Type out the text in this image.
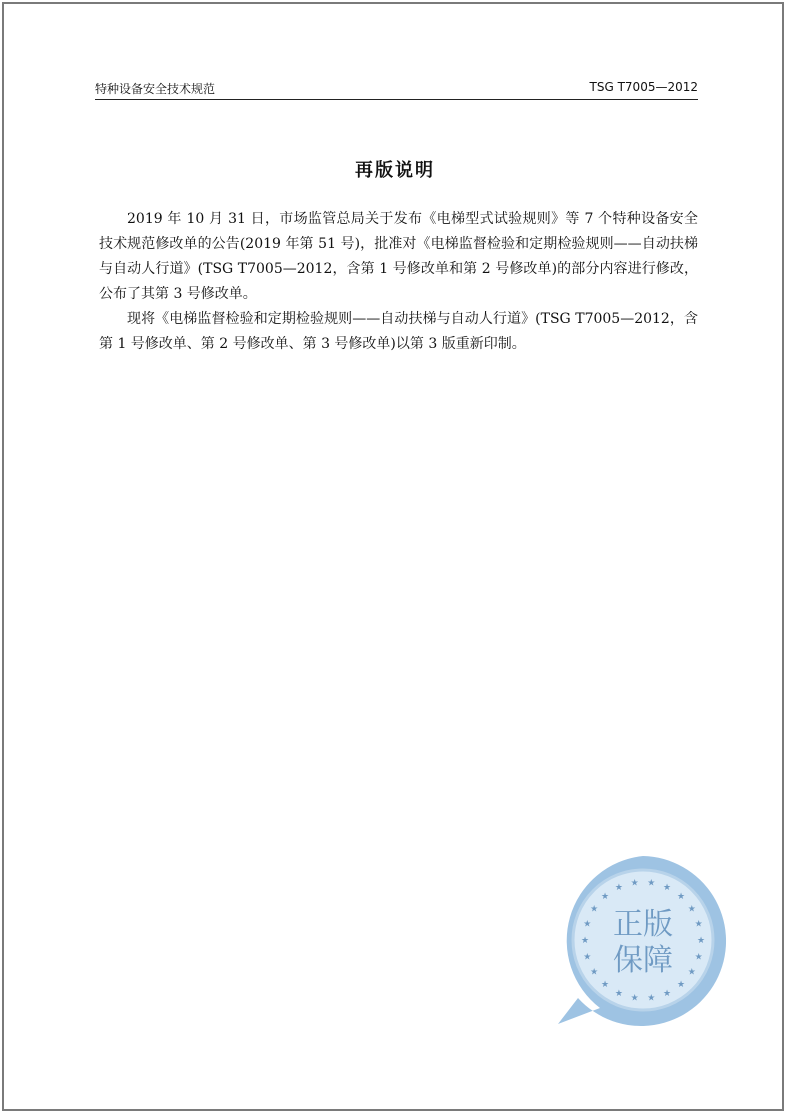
特种设备安全技术规范	TSG T7005—2012
再版说明

2019 年 10 月 31 日，市场监管总局关于发布《电梯型式试验规则》等 7 个特种设备安全技术规范修改单的公告(2019 年第 51 号)，批准对《电梯监督检验和定期检验规则——自动扶梯与自动人行道》(TSG T7005—2012，含第 1 号修改单和第 2 号修改单)的部分内容进行修改，公布了其第 3 号修改单。

现将《电梯监督检验和定期检验规则——自动扶梯与自动人行道》(TSG T7005—2012，含第 1 号修改单、第 2 号修改单、第 3 号修改单)以第 3 版重新印制。

★
★
★
★
★
★
★
★
★
★
★
★
★
★
★
★ ★ ★ ★
★
★
★
正版
保障
